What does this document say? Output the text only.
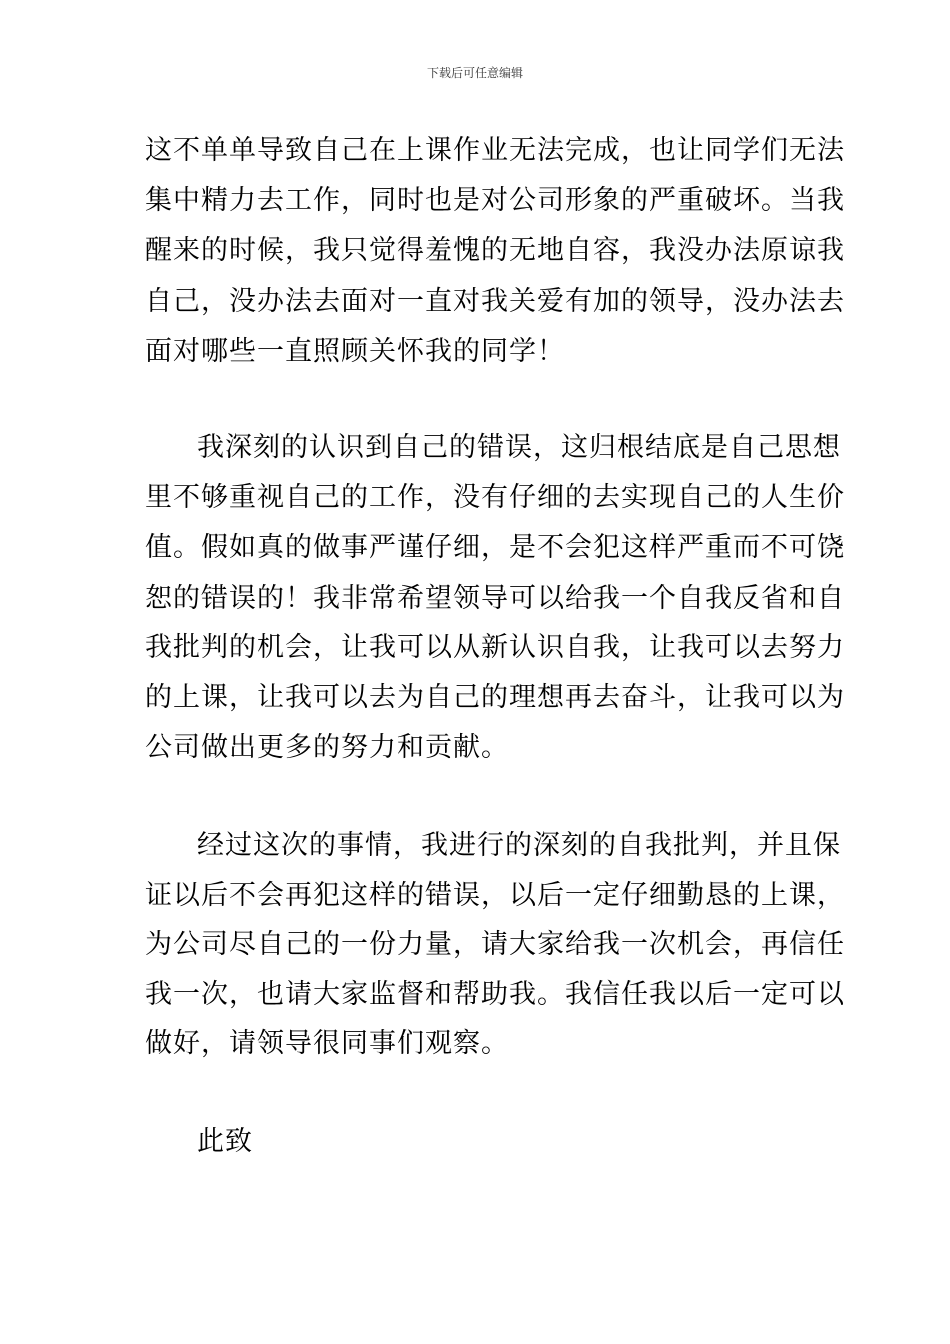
下载后可任意编辑
这不单单导致自己在上课作业无法完成，也让同学们无法
集中精力去工作，同时也是对公司形象的严重破坏。当我
醒来的时候，我只觉得羞愧的无地自容，我没办法原谅我
自己，没办法去面对一直对我关爱有加的领导，没办法去
面对哪些一直照顾关怀我的同学！
我深刻的认识到自己的错误，这归根结底是自己思想
里不够重视自己的工作，没有仔细的去实现自己的人生价
值。假如真的做事严谨仔细，是不会犯这样严重而不可饶
恕的错误的！我非常希望领导可以给我一个自我反省和自
我批判的机会，让我可以从新认识自我，让我可以去努力
的上课，让我可以去为自己的理想再去奋斗，让我可以为
公司做出更多的努力和贡献。
经过这次的事情，我进行的深刻的自我批判，并且保
证以后不会再犯这样的错误，以后一定仔细勤恳的上课，
为公司尽自己的一份力量，请大家给我一次机会，再信任
我一次，也请大家监督和帮助我。我信任我以后一定可以
做好，请领导很同事们观察。
此致
